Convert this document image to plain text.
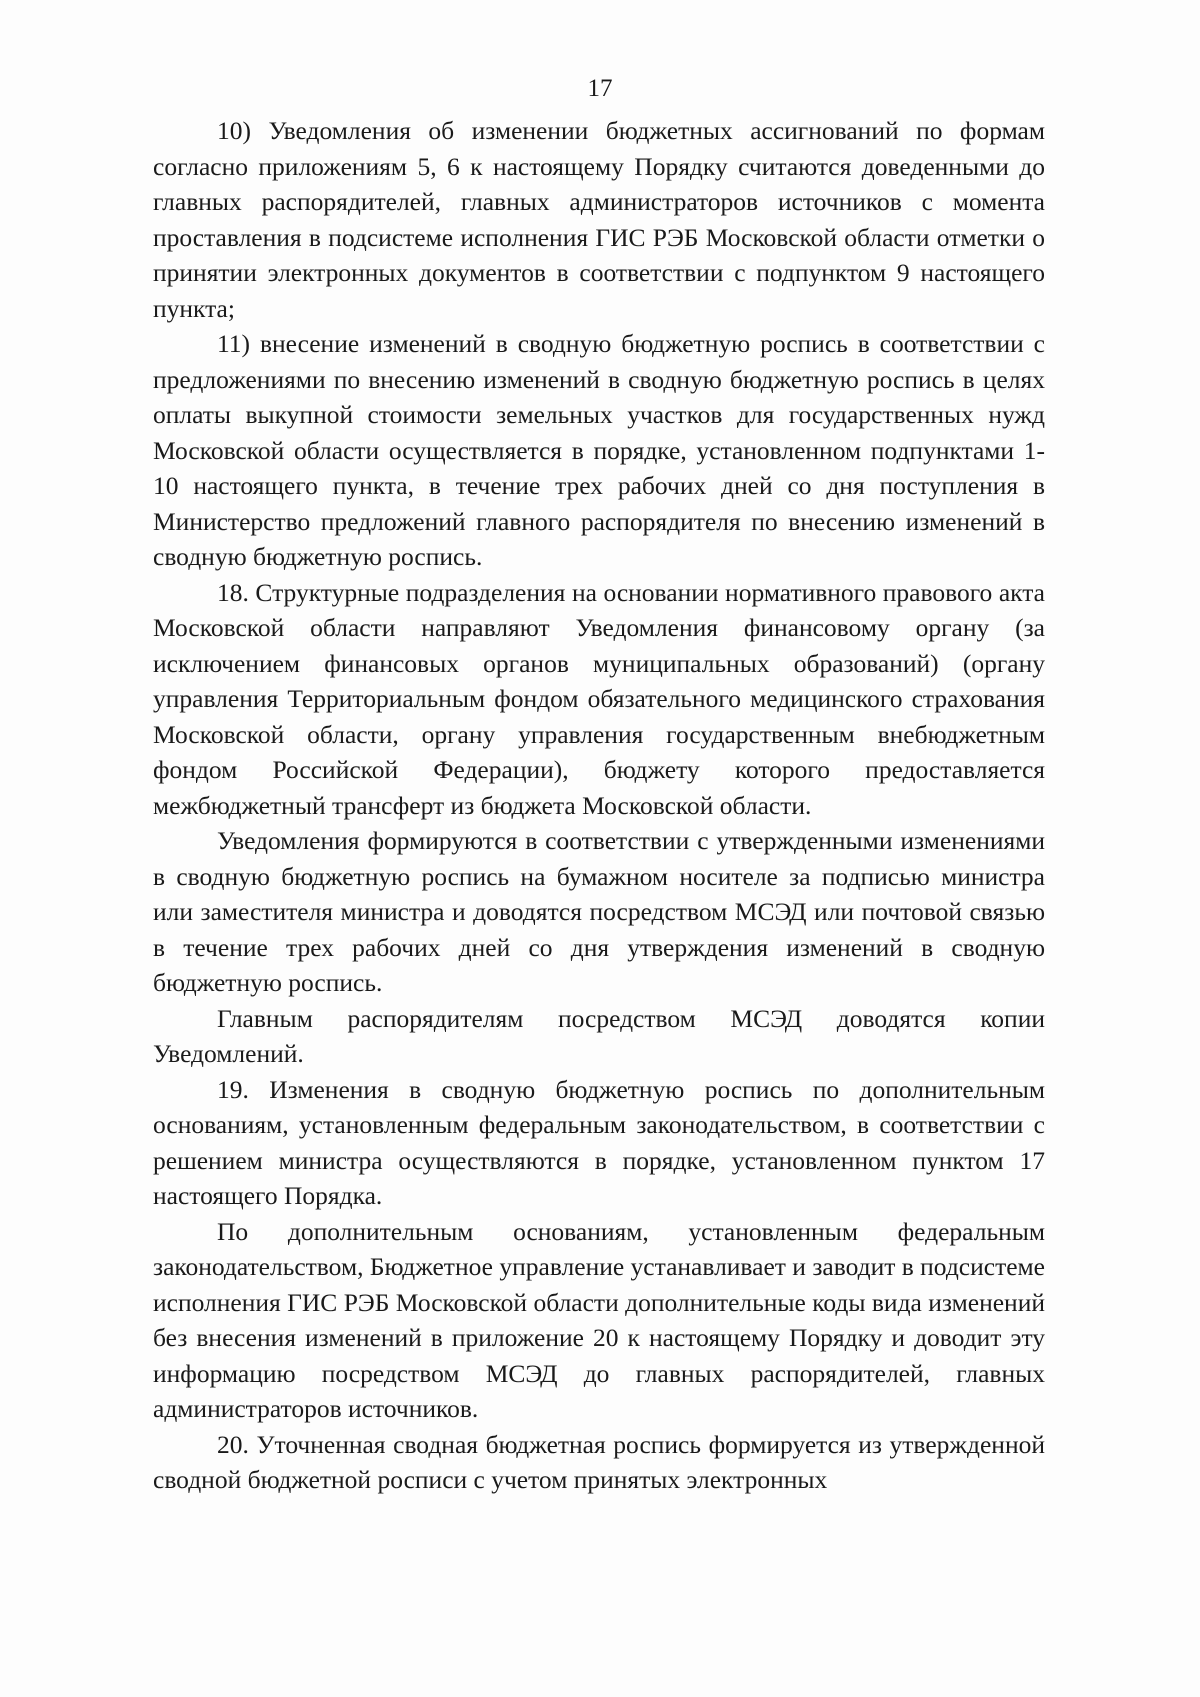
17

10) Уведомления об изменении бюджетных ассигнований по формам согласно приложениям 5, 6 к настоящему Порядку считаются доведенными до главных распорядителей, главных администраторов источников с момента проставления в подсистеме исполнения ГИС РЭБ Московской области отметки о принятии электронных документов в соответствии с подпунктом 9 настоящего пункта;

11) внесение изменений в сводную бюджетную роспись в соответствии с предложениями по внесению изменений в сводную бюджетную роспись в целях оплаты выкупной стоимости земельных участков для государственных нужд Московской области осуществляется в порядке, установленном подпунктами 1-10 настоящего пункта, в течение трех рабочих дней со дня поступления в Министерство предложений главного распорядителя по внесению изменений в сводную бюджетную роспись.

18. Структурные подразделения на основании нормативного правового акта Московской области направляют Уведомления финансовому органу (за исключением финансовых органов муниципальных образований) (органу управления Территориальным фондом обязательного медицинского страхования Московской области, органу управления государственным внебюджетным фондом Российской Федерации), бюджету которого предоставляется межбюджетный трансферт из бюджета Московской области.

Уведомления формируются в соответствии с утвержденными изменениями в сводную бюджетную роспись на бумажном носителе за подписью министра или заместителя министра и доводятся посредством МСЭД или почтовой связью в течение трех рабочих дней со дня утверждения изменений в сводную бюджетную роспись.

Главным распорядителям посредством МСЭД доводятся копии Уведомлений.

19. Изменения в сводную бюджетную роспись по дополнительным основаниям, установленным федеральным законодательством, в соответствии с решением министра осуществляются в порядке, установленном пунктом 17 настоящего Порядка.

По дополнительным основаниям, установленным федеральным законодательством, Бюджетное управление устанавливает и заводит в подсистеме исполнения ГИС РЭБ Московской области дополнительные коды вида изменений без внесения изменений в приложение 20 к настоящему Порядку и доводит эту информацию посредством МСЭД до главных распорядителей, главных администраторов источников.

20. Уточненная сводная бюджетная роспись формируется из утвержденной сводной бюджетной росписи с учетом принятых электронных
